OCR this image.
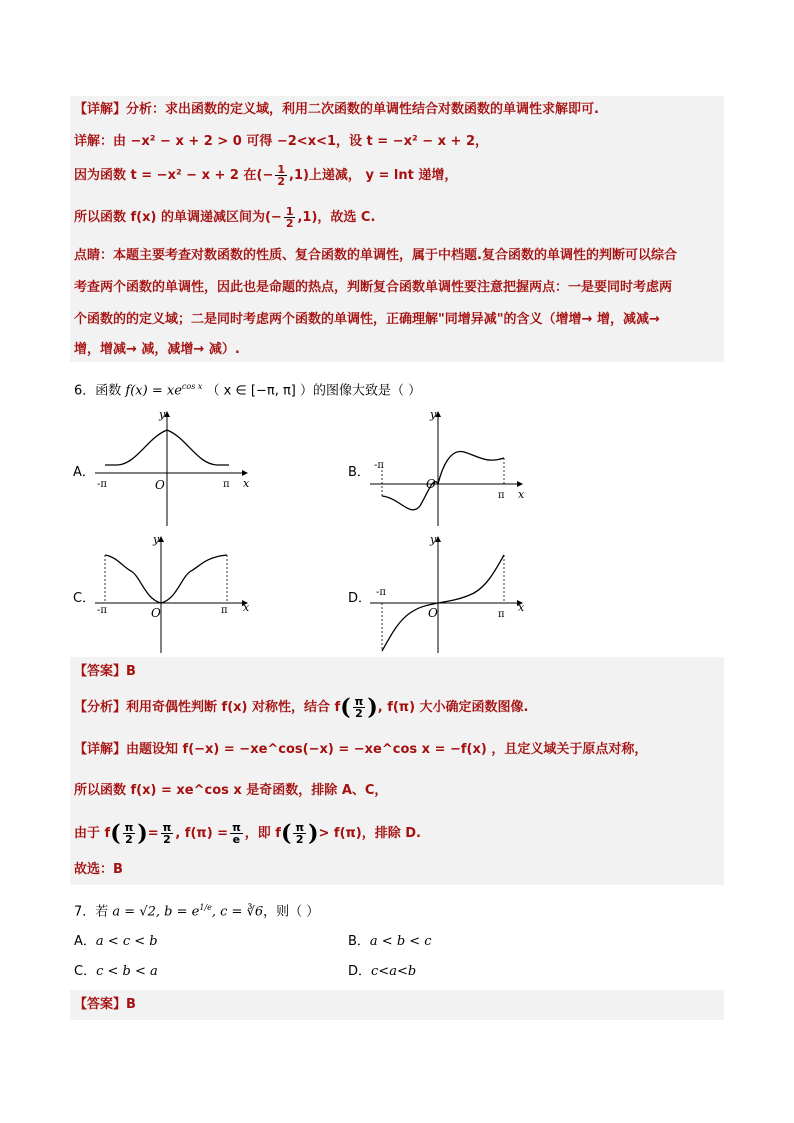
【详解】分析：求出函数的定义域，利用二次函数的单调性结合对数函数的单调性求解即可.
详解：由 −x² − x + 2 > 0 可得 −2<x<1，设 t = −x² − x + 2，
因为函数 t = −x² − x + 2 在(− $\frac{1}{2} ,1$)上递减， y = lnt 递增，
所以函数 f(x) 的单调递减区间为(− $\frac{1}{2} ,1$)，故选 C.
点睛：本题主要考查对数函数的性质、复合函数的单调性，属于中档题.复合函数的单调性的判断可以综合
考查两个函数的单调性，因此也是命题的热点，判断复合函数单调性要注意把握两点：一是要同时考虑两
个函数的的定义域；二是同时考虑两个函数的单调性，正确理解"同增异减"的含义（增增→ 增，减减→
增，增减→ 减，减增→ 减）.
6．函数 $f(x) = xe^{cos x}$ （ x ∈ [−π, π] ）的图像大致是（ ）
A．	B．
C．	D．
y
x
O
-π	π
y
x
O
-π
π
y
x
O
-π	π
y
x
O
-π
π
【答案】B
【分析】利用奇偶性判断 f(x) 对称性，结合 $f( \frac{\pi}{2}$ ), f(π) 大小确定函数图像.
【详解】由题设知 f(−x) = −xe^cos(−x) = −xe^cos x = −f(x) ，且定义域关于原点对称，
所以函数 f(x) = xe^cos x 是奇函数，排除 A、C，
由于 $f( \frac{\pi}{2}$ )= $\frac{\pi}{2}$ , $f(\pi) = \frac{\pi}{e}$ ，即 $f( \frac{\pi}{2}$ )> f(π)，排除 D.
故选：B
7．若 a = √2, $b = e^{1/e}$, c = ∛6，则（ ）
A．a < c < b	B．a < b < c
C．c < b < a	D．c<a<b
【答案】B
